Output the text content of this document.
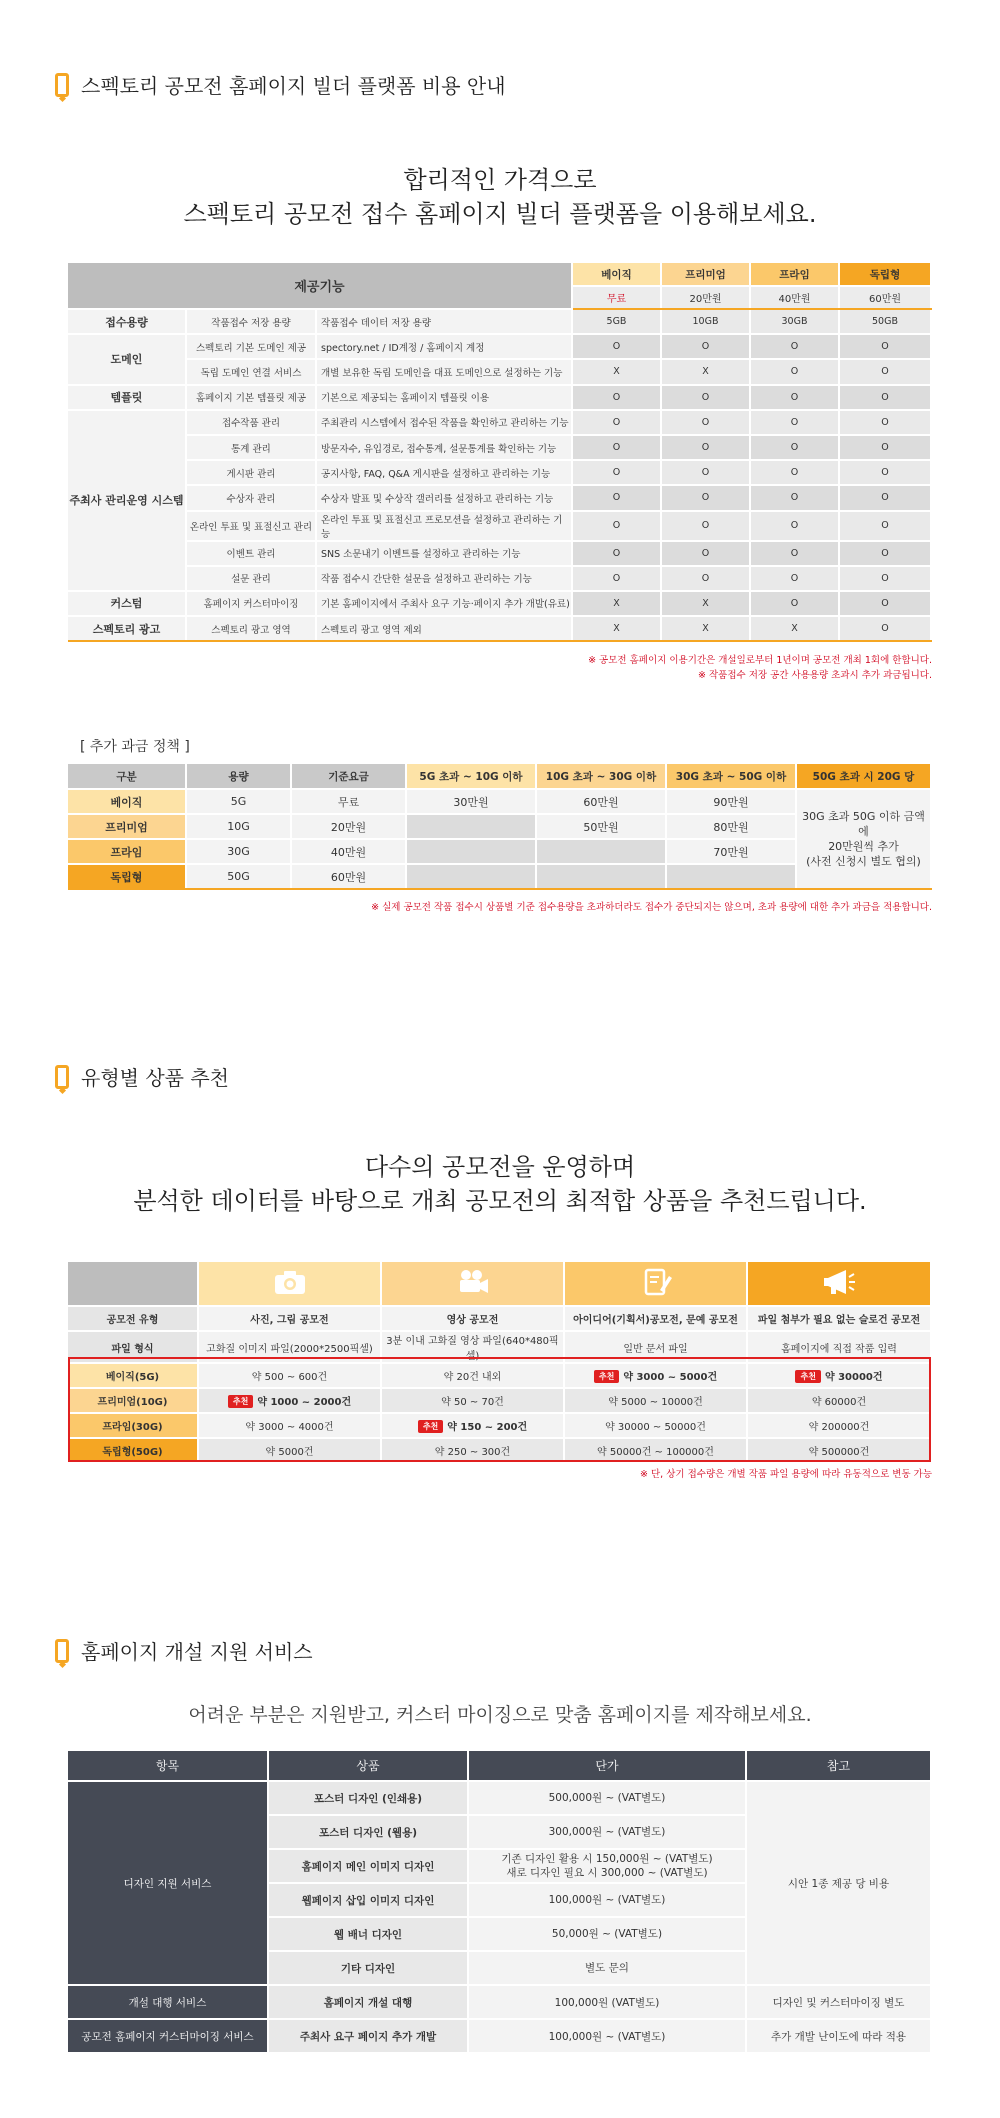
스펙토리 공모전 홈페이지 빌더 플랫폼 비용 안내
합리적인 가격으로
스펙토리 공모전 접수 홈페이지 빌더 플랫폼을 이용해보세요.
제공기능			베이직	프리미엄	프라임	독립형
			무료	20만원	40만원	60만원
접수용량	작품접수 저장 용량	작품접수 데이터 저장 용량	5GB	10GB	30GB	50GB
도메인	스펙토리 기본 도메인 제공	spectory.net / ID계정 / 홈페이지 계정	O	O	O	O
	독립 도메인 연결 서비스	개별 보유한 독립 도메인을 대표 도메인으로 설정하는 기능	X	X	O	O
템플릿	홈페이지 기본 템플릿 제공	기본으로 제공되는 홈페이지 템플릿 이용	O	O	O	O
주최사 관리운영 시스템	접수작품 관리	주최관리 시스템에서 접수된 작품을 확인하고 관리하는 기능	O	O	O	O
	통계 관리	방문자수, 유입경로, 접수통계, 설문통계를 확인하는 기능	O	O	O	O
	게시판 관리	공지사항, FAQ, Q&A 게시판을 설정하고 관리하는 기능	O	O	O	O
	수상자 관리	수상자 발표 및 수상작 갤러리를 설정하고 관리하는 기능	O	O	O	O
	온라인 투표 및 표절신고 관리	온라인 투표 및 표절신고 프로모션을 설정하고 관리하는 기능	O	O	O	O
	이벤트 관리	SNS 소문내기 이벤트를 설정하고 관리하는 기능	O	O	O	O
	설문 관리	작품 접수시 간단한 설문을 설정하고 관리하는 기능	O	O	O	O
커스텀	홈페이지 커스터마이징	기본 홈페이지에서 주최사 요구 기능·페이지 추가 개발(유료)	X	X	O	O
스펙토리 광고	스펙토리 광고 영역	스펙토리 광고 영역 제외	X	X	X	O
※ 공모전 홈페이지 이용기간은 개설일로부터 1년이며 공모전 개최 1회에 한합니다.
※ 작품접수 저장 공간 사용용량 초과시 추가 과금됩니다.
[ 추가 과금 정책 ]
구분	용량	기준요금	5G 초과 ~ 10G 이하	10G 초과 ~ 30G 이하	30G 초과 ~ 50G 이하	50G 초과 시 20G 당
베이직	5G	무료	30만원	60만원	90만원	30G 초과 50G 이하 금액에
20만원씩 추가
(사전 신청시 별도 협의)

프리미엄	10G	20만원		50만원	80만원	
프라임	30G	40만원			70만원	
독립형	50G	60만원				
※ 실제 공모전 작품 접수시 상품별 기준 접수용량을 초과하더라도 접수가 중단되지는 않으며, 초과 용량에 대한 추가 과금을 적용합니다.
유형별 상품 추천
다수의 공모전을 운영하며
분석한 데이터를 바탕으로 개최 공모전의 최적합 상품을 추천드립니다.

공모전 유형	사진, 그림 공모전	영상 공모전	아이디어(기획서)공모전, 문예 공모전	파일 첨부가 필요 없는 슬로건 공모전
파일 형식	고화질 이미지 파일(2000*2500픽셀)	3분 이내 고화질 영상 파일(640*480픽셀)	일반 문서 파일	홈페이지에 직접 작품 입력
베이직(5G)	약 500 ~ 600건	약 20건 내외	추천 약 3000 ~ 5000건	추천 약 30000건
프리미엄(10G)	추천 약 1000 ~ 2000건	약 50 ~ 70건	약 5000 ~ 10000건	약 60000건
프라임(30G)	약 3000 ~ 4000건	추천 약 150 ~ 200건	약 30000 ~ 50000건	약 200000건
독립형(50G)	약 5000건	약 250 ~ 300건	약 50000건 ~ 100000건	약 500000건
※ 단, 상기 접수량은 개별 작품 파일 용량에 따라 유동적으로 변동 가능
홈페이지 개설 지원 서비스
어려운 부분은 지원받고, 커스터 마이징으로 맞춤 홈페이지를 제작해보세요.
항목	상품	단가	참고
디자인 지원 서비스	포스터 디자인 (인쇄용)	500,000원 ~ (VAT별도)	시안 1종 제공 당 비용
	포스터 디자인 (웹용)	300,000원 ~ (VAT별도)	

	홈페이지 메인 이미지 디자인	기존 디자인 활용 시 150,000원 ~ (VAT별도)
새로 디자인 필요 시 300,000 ~ (VAT별도)	

	웹페이지 삽입 이미지 디자인	100,000원 ~ (VAT별도)	

	웹 배너 디자인	50,000원 ~ (VAT별도)	

	기타 디자인	별도 문의	

개설 대행 서비스	홈페이지 개설 대행	100,000원 (VAT별도)	디자인 및 커스터마이징 별도
공모전 홈페이지 커스터마이징 서비스	주최사 요구 페이지 추가 개발	100,000원 ~ (VAT별도)	추가 개발 난이도에 따라 적용
